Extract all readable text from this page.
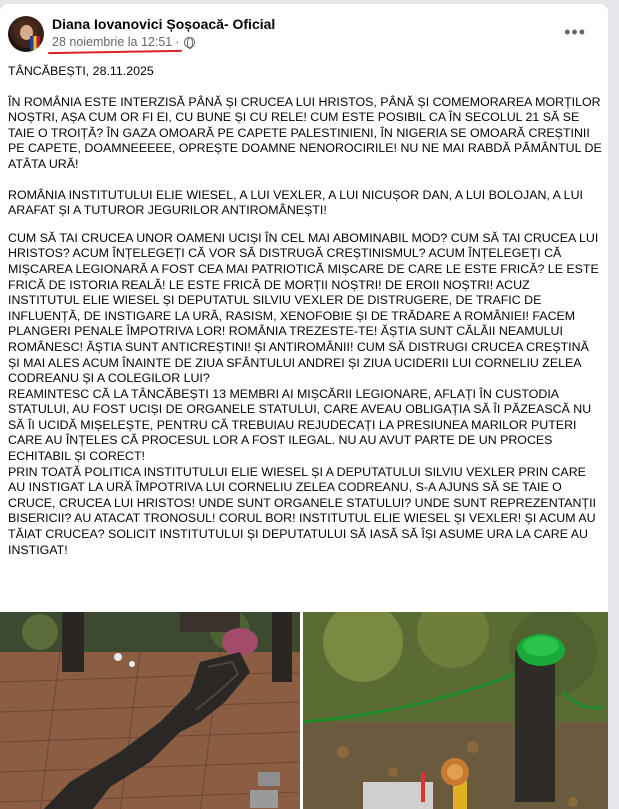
Diana Iovanovici Șoșoacă- Oficial
28 noiembrie la 12:51 ·	•••

TÂNCĂBEȘTI, 28.11.2025

ÎN ROMÂNIA ESTE INTERZISĂ PÂNĂ ȘI CRUCEA LUI HRISTOS, PÂNĂ ȘI COMEMORAREA MORȚILOR NOȘTRI, AȘA CUM OR FI EI, CU BUNE ȘI CU RELE! CUM ESTE POSIBIL CA ÎN SECOLUL 21 SĂ SE TAIE O TROIȚĂ? ÎN GAZA OMOARĂ PE CAPETE PALESTINIENI, ÎN NIGERIA SE OMOARĂ CREȘTINII PE CAPETE, DOAMNEEEEE, OPREȘTE DOAMNE NENOROCIRILE! NU NE MAI RABDĂ PĂMÂNTUL DE ATÂTA URĂ!

ROMÂNIA INSTITUTULUI ELIE WIESEL, A LUI VEXLER, A LUI NICUȘOR DAN, A LUI BOLOJAN, A LUI ARAFAT ȘI A TUTUROR JEGURILOR ANTIROMÂNEȘTI!

CUM SĂ TAI CRUCEA UNOR OAMENI UCIȘI ÎN CEL MAI ABOMINABIL MOD? CUM SĂ TAI CRUCEA LUI HRISTOS? ACUM ÎNȚELEGEȚI CĂ VOR SĂ DISTRUGĂ CREȘTINISMUL? ACUM ÎNȚELEGEȚI CĂ MIȘCAREA LEGIONARĂ A FOST CEA MAI PATRIOTICĂ MIȘCARE DE CARE LE ESTE FRICĂ? LE ESTE FRICĂ DE ISTORIA REALĂ! LE ESTE FRICĂ DE MORȚII NOȘTRI! DE EROII NOȘTRI! ACUZ INSTITUTUL ELIE WIESEL ȘI DEPUTATUL SILVIU VEXLER DE DISTRUGERE, DE TRAFIC DE INFLUENȚĂ, DE INSTIGARE LA URĂ, RASISM, XENOFOBIE ȘI DE TRĂDARE A ROMÂNIEI! FACEM PLANGERI PENALE ÎMPOTRIVA LOR! ROMÂNIA TREZESTE-TE! ĂȘTIA SUNT CĂLĂII NEAMULUI ROMÂNESC! ĂȘTIA SUNT ANTICREȘTINI! ȘI ANTIROMÂNII! CUM SĂ DISTRUGI CRUCEA CREȘTINĂ ȘI MAI ALES ACUM ÎNAINTE DE ZIUA SFÂNTULUI ANDREI ȘI ZIUA UCIDERII LUI CORNELIU ZELEA CODREANU ȘI A COLEGILOR LUI?

REAMINTESC CĂ LA TÂNCĂBEȘTI 13 MEMBRI AI MIȘCĂRII LEGIONARE, AFLAȚI ÎN CUSTODIA STATULUI, AU FOST UCIȘI DE ORGANELE STATULUI, CARE AVEAU OBLIGAȚIA SĂ ÎI PĂZEASCĂ NU SĂ ÎI UCIDĂ MIȘELEȘTE, PENTRU CĂ TREBUIAU REJUDECAȚI LA PRESIUNEA MARILOR PUTERI CARE AU ÎNȚELES CĂ PROCESUL LOR A FOST ILEGAL. NU AU AVUT PARTE DE UN PROCES ECHITABIL ȘI CORECT!

PRIN TOATĂ POLITICA INSTITUTULUI ELIE WIESEL ȘI A DEPUTATULUI SILVIU VEXLER PRIN CARE AU INSTIGAT LA URĂ ÎMPOTRIVA LUI CORNELIU ZELEA CODREANU, S-A AJUNS SĂ SE TAIE O CRUCE, CRUCEA LUI HRISTOS! UNDE SUNT ORGANELE STATULUI? UNDE SUNT REPREZENTANȚII BISERICII? AU ATACAT TRONOSUL! CORUL BOR! INSTITUTUL ELIE WIESEL ȘI VEXLER! ȘI ACUM AU TĂIAT CRUCEA? SOLICIT INSTITUTULUI ȘI DEPUTATULUI SĂ IASĂ SĂ ÎȘI ASUME URA LA CARE AU INSTIGAT!
